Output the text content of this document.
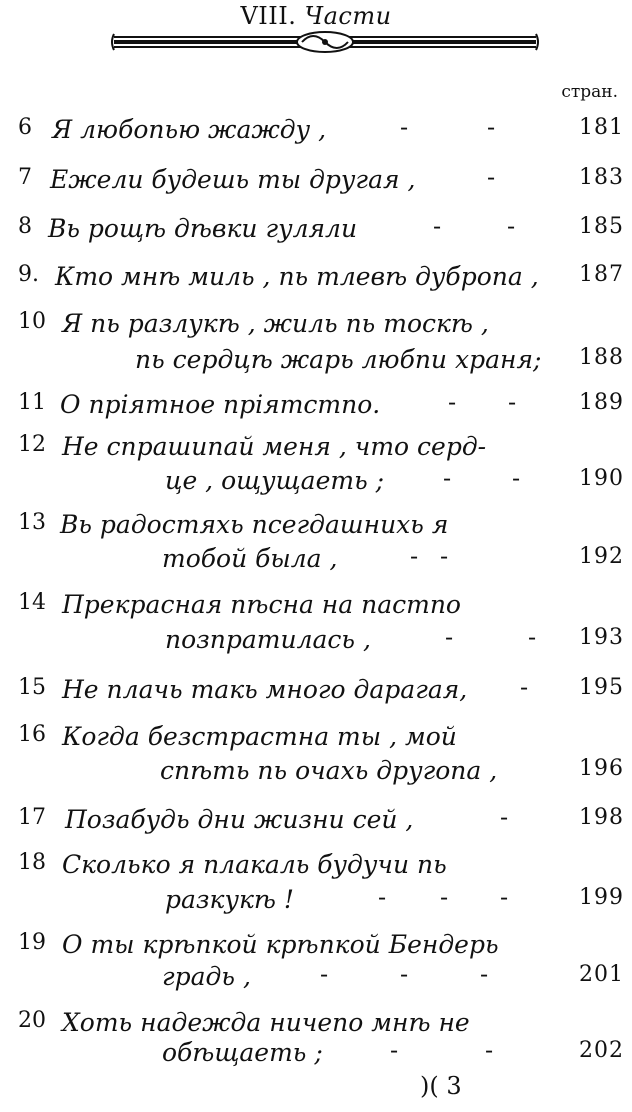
VIII. Части
стран.
6 Я любопью жажду ,	-	-	181
7 Ежели будешь ты другая ,	-	183
8 Вь рощѣ дѣвки гуляли	-	-	185
9. Кто мнѣ миль , пь тлевѣ дубропа , 187
10 Я пь разлукѣ , жиль пь тоскѣ ,
пь сердцѣ жарь любпи храня; 188
11 О пріятное пріятстпо.	- -	189
12 Не спрашипай меня , что серд-
це , ощущаеть ; -	-	190
13 Вь радостяхь псегдашнихь я
тобой была ,	- -	192
14 Прекрасная пѣсна на пастпо
позпратилась ,	-	- 193
15 Не плачь такь много дарагая, - 195
16 Когда безстрастна ты , мой
спѣть пь очахь другопа ,	196
17 Позабудь дни жизни сей ,	-	198
18 Сколько я плакаль будучи пь
разкукѣ !	- - -	199
19 О ты крѣпкой крѣпкой Бендерь
градь ,	-	-	-	201
20 Хоть надежда ничепо мнѣ не
обѣщаеть ;	-	-	202
)( 3
